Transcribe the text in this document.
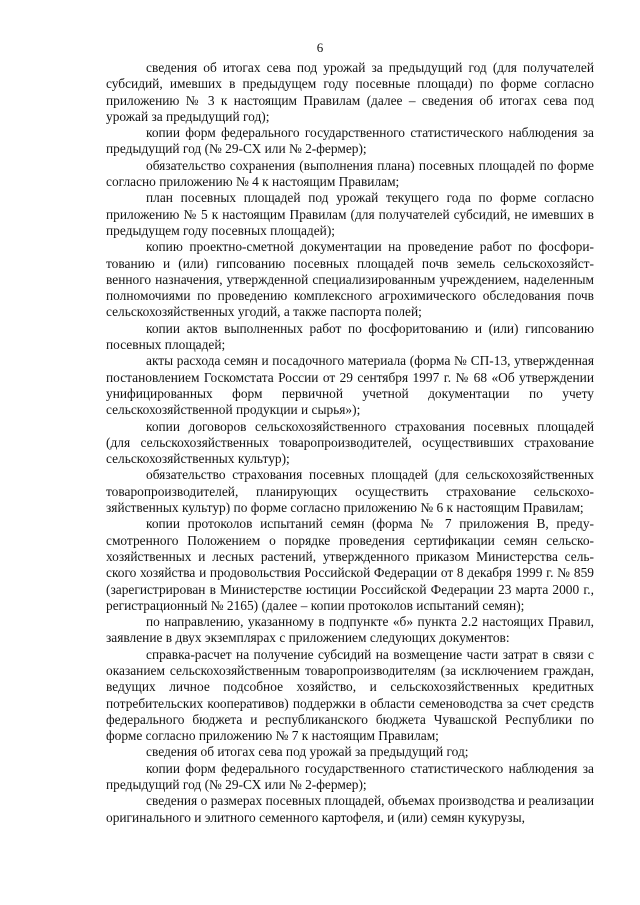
6

сведения об итогах сева под урожай за предыдущий год (для получателей субсидий, имевших в предыдущем году посевные площади) по форме согласно приложению № 3 к настоящим Правилам (далее – сведения об итогах сева под урожай за предыдущий год);

копии форм федерального государственного статистического наблюдения за предыдущий год (№ 29-СХ или № 2-фермер);

обязательство сохранения (выполнения плана) посевных площадей по форме согласно приложению № 4 к настоящим Правилам;

план посевных площадей под урожай текущего года по форме согласно приложению № 5 к настоящим Правилам (для получателей субсидий, не имевших в предыдущем году посевных площадей);

копию проектно-сметной документации на проведение работ по фосфоритованию и (или) гипсованию посевных площадей почв земель сельскохозяйственного назначения, утвержденной специализированным учреждением, наделенным полномочиями по проведению комплексного агрохимического обследования почв сельскохозяйственных угодий, а также паспорта полей;

копии актов выполненных работ по фосфоритованию и (или) гипсованию посевных площадей;

акты расхода семян и посадочного материала (форма № СП-13, утвержденная постановлением Госкомстата России от 29 сентября 1997 г. № 68 «Об утверждении унифицированных форм первичной учетной документации по учету сельскохозяйственной продукции и сырья»);

копии договоров сельскохозяйственного страхования посевных площадей (для сельскохозяйственных товаропроизводителей, осуществивших страхование сельскохозяйственных культур);

обязательство страхования посевных площадей (для сельскохозяйственных товаропроизводителей, планирующих осуществить страхование сельскохозяйственных культур) по форме согласно приложению № 6 к настоящим Правилам;

копии протоколов испытаний семян (форма № 7 приложения В, предусмотренного Положением о порядке проведения сертификации семян сельскохозяйственных и лесных растений, утвержденного приказом Министерства сельского хозяйства и продовольствия Российской Федерации от 8 декабря 1999 г. № 859 (зарегистрирован в Министерстве юстиции Российской Федерации 23 марта 2000 г., регистрационный № 2165) (далее – копии протоколов испытаний семян);

по направлению, указанному в подпункте «б» пункта 2.2 настоящих Правил, заявление в двух экземплярах с приложением следующих документов:

справка-расчет на получение субсидий на возмещение части затрат в связи с оказанием сельскохозяйственным товаропроизводителям (за исключением граждан, ведущих личное подсобное хозяйство, и сельскохозяйственных кредитных потребительских кооперативов) поддержки в области семеноводства за счет средств федерального бюджета и республиканского бюджета Чувашской Республики по форме согласно приложению № 7 к настоящим Правилам;

сведения об итогах сева под урожай за предыдущий год;

копии форм федерального государственного статистического наблюдения за предыдущий год (№ 29-СХ или № 2-фермер);

сведения о размерах посевных площадей, объемах производства и реализации оригинального и элитного семенного картофеля, и (или) семян кукурузы,
